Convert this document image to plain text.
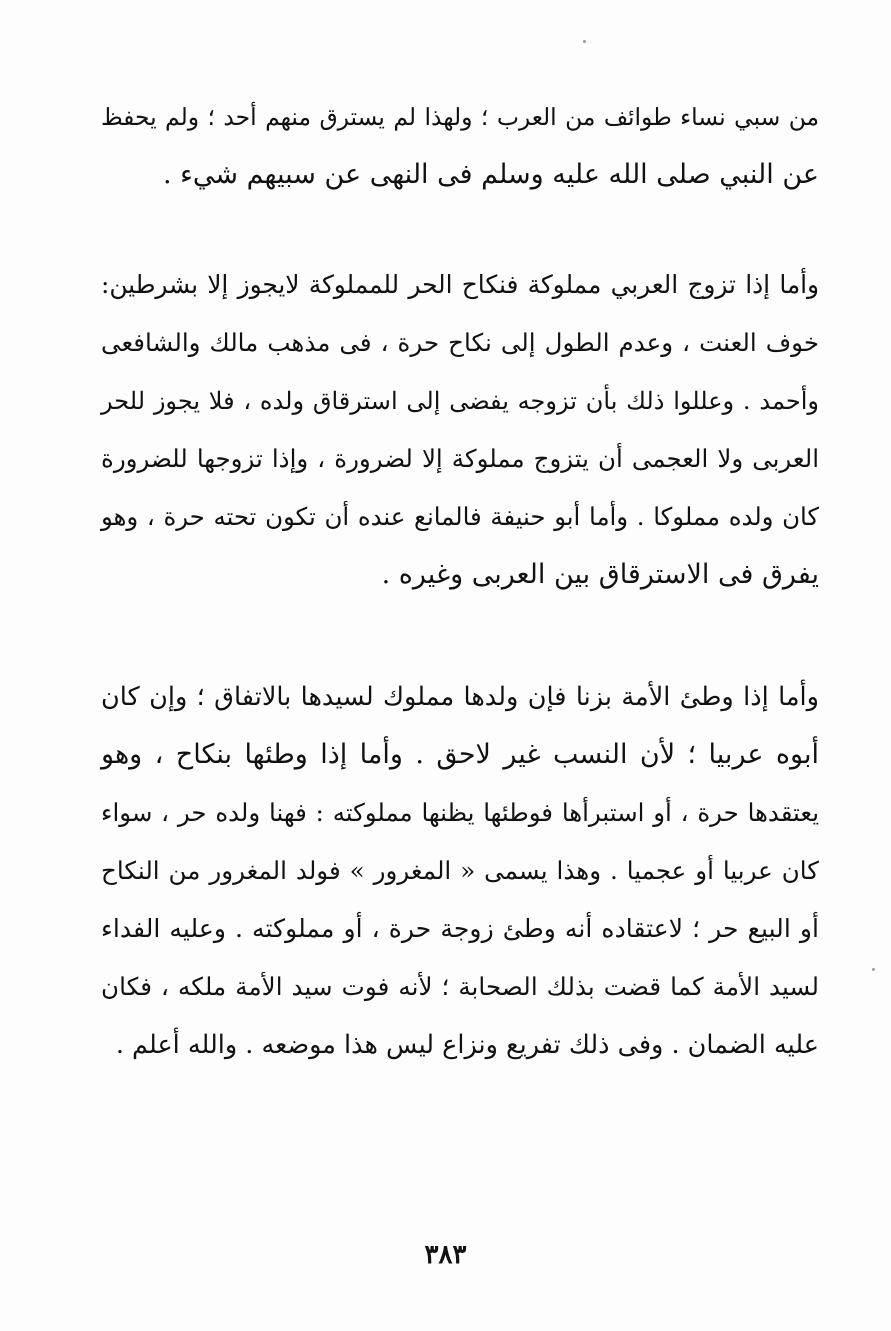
من سبي نساء طوائف من العرب ؛ ولهذا لم يسترق منهم أحد ؛ ولم يحفظ
عن النبي صلى الله عليه وسلم فى النهى عن سبيهم شيء .
وأما إذا تزوج العربي مملوكة فنكاح الحر للمملوكة لايجوز إلا بشرطين:
خوف العنت ، وعدم الطول إلى نكاح حرة ، فى مذهب مالك والشافعى
وأحمد . وعللوا ذلك بأن تزوجه يفضى إلى استرقاق ولده ، فلا يجوز للحر
العربى ولا العجمى أن يتزوج مملوكة إلا لضرورة ، وإذا تزوجها للضرورة
كان ولده مملوكا . وأما أبو حنيفة فالمانع عنده أن تكون تحته حرة ، وهو
يفرق فى الاسترقاق بين العربى وغيره .
وأما إذا وطئ الأمة بزنا فإن ولدها مملوك لسيدها بالاتفاق ؛ وإن كان
أبوه عربيا ؛ لأن النسب غير لاحق . وأما إذا وطئها بنكاح ، وهو
يعتقدها حرة ، أو استبرأها فوطئها يظنها مملوكته : فهنا ولده حر ، سواء
كان عربيا أو عجميا . وهذا يسمى « المغرور » فولد المغرور من النكاح
أو البيع حر ؛ لاعتقاده أنه وطئ زوجة حرة ، أو مملوكته . وعليه الفداء
لسيد الأمة كما قضت بذلك الصحابة ؛ لأنه فوت سيد الأمة ملكه ، فكان
عليه الضمان . وفى ذلك تفريع ونزاع ليس هذا موضعه . والله أعلم .
٣٨٣
